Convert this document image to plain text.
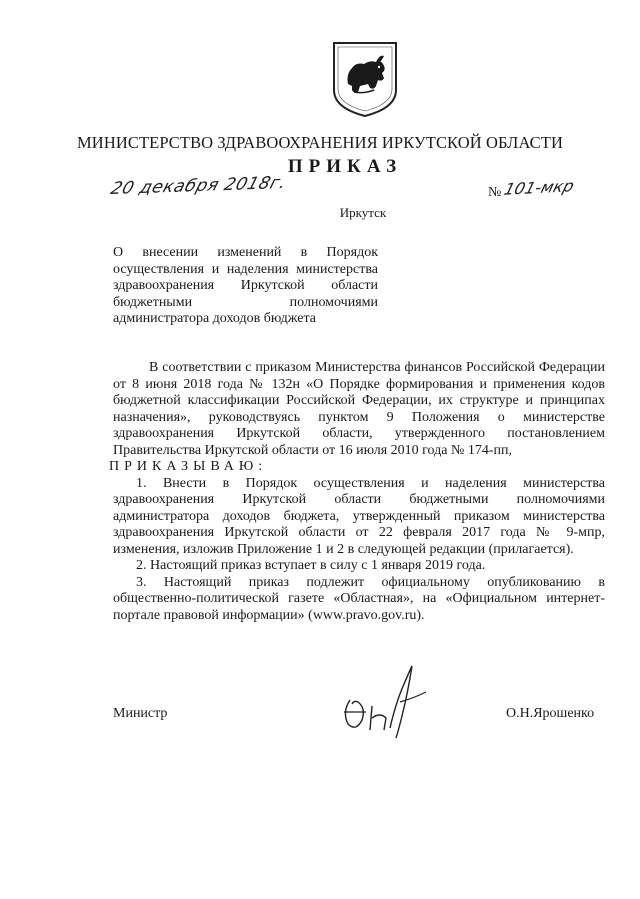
МИНИСТЕРСТВО ЗДРАВООХРАНЕНИЯ ИРКУТСКОЙ ОБЛАСТИ
ПРИКАЗ
20 декабря 2018г.	№ 101-мкр
Иркутск
О внесении изменений в Порядок осуществления и наделения министерства здравоохранения Иркутской области бюджетными полномочиями администратора доходов бюджета

В соответствии с приказом Министерства финансов Российской Федерации от 8 июня 2018 года № 132н «О Порядке формирования и применения кодов бюджетной классификации Российской Федерации, их структуре и принципах назначения», руководствуясь пунктом 9 Положения о министерстве здравоохранения Иркутской области, утвержденного постановлением Правительства Иркутской области от 16 июля 2010 года № 174-пп,

ПРИКАЗЫВАЮ:

1. Внести в Порядок осуществления и наделения министерства здравоохранения Иркутской области бюджетными полномочиями администратора доходов бюджета, утвержденный приказом министерства здравоохранения Иркутской области от 22 февраля 2017 года № 9-мпр, изменения, изложив Приложение 1 и 2 в следующей редакции (прилагается).

2. Настоящий приказ вступает в силу с 1 января 2019 года.

3. Настоящий приказ подлежит официальному опубликованию в общественно-политической газете «Областная», на «Официальном интернет-портале правовой информации» (www.pravo.gov.ru).

Министр	О.Н.Ярошенко
